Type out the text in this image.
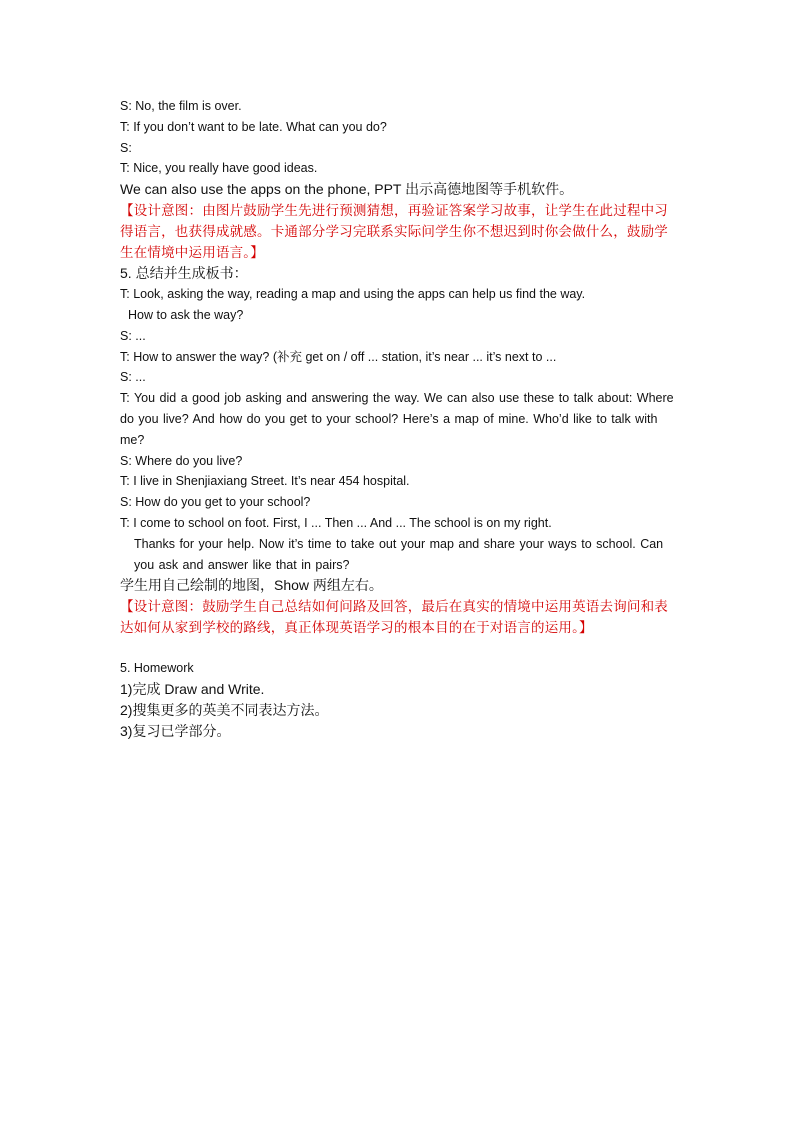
S: No, the film is over.
T: If you don’t want to be late. What can you do?
S:
T: Nice, you really have good ideas.
We can also use the apps on the phone, PPT 出示高德地图等手机软件。
【设计意图：由图片鼓励学生先进行预测猜想，再验证答案学习故事，让学生在此过程中习得语言，也获得成就感。卡通部分学习完联系实际问学生你不想迟到时你会做什么，鼓励学生在情境中运用语言。】
5. 总结并生成板书：
T: Look, asking the way, reading a map and using the apps can help us find the way.
How to ask the way?
S: ...
T: How to answer the way? (补充 get on / off ... station, it’s near ... it’s next to ...
S: ...
T: You did a good job asking and answering the way. We can also use these to talk about: Where do you live? And how do you get to your school? Here’s a map of mine. Who’d like to talk with me?
S: Where do you live?
T: I live in Shenjiaxiang Street. It’s near 454 hospital.
S: How do you get to your school?
T: I come to school on foot. First, I ... Then ... And ... The school is on my right.
Thanks for your help. Now it’s time to take out your map and share your ways to school. Can you ask and answer like that in pairs?
学生用自己绘制的地图，Show 两组左右。
【设计意图：鼓励学生自己总结如何问路及回答，最后在真实的情境中运用英语去询问和表达如何从家到学校的路线，真正体现英语学习的根本目的在于对语言的运用。】
5. Homework
1)完成 Draw and Write.
2)搜集更多的英美不同表达方法。
3)复习已学部分。
